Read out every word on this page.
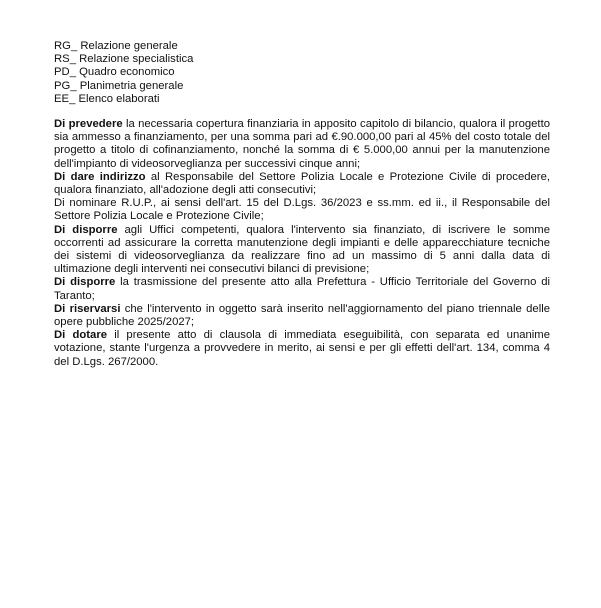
RG_ Relazione generale
RS_ Relazione specialistica
PD_ Quadro economico
PG_ Planimetria generale
EE_ Elenco elaborati

Di prevedere la necessaria copertura finanziaria in apposito capitolo di bilancio, qualora il progetto sia ammesso a finanziamento, per una somma pari ad €.90.000,00 pari al 45% del costo totale del progetto a titolo di cofinanziamento, nonché la somma di € 5.000,00 annui per la manutenzione dell'impianto di videosorveglianza per successivi cinque anni;

Di dare indirizzo al Responsabile del Settore Polizia Locale e Protezione Civile di procedere, qualora finanziato, all'adozione degli atti consecutivi;

Di nominare R.U.P., ai sensi dell'art. 15 del D.Lgs. 36/2023 e ss.mm. ed ii., il Responsabile del Settore Polizia Locale e Protezione Civile;

Di disporre agli Uffici competenti, qualora l'intervento sia finanziato, di iscrivere le somme occorrenti ad assicurare la corretta manutenzione degli impianti e delle apparecchiature tecniche dei sistemi di videosorveglianza da realizzare fino ad un massimo di 5 anni dalla data di ultimazione degli interventi nei consecutivi bilanci di previsione;

Di disporre la trasmissione del presente atto alla Prefettura - Ufficio Territoriale del Governo di Taranto;

Di riservarsi che l'intervento in oggetto sarà inserito nell'aggiornamento del piano triennale delle opere pubbliche 2025/2027;

Di dotare il presente atto di clausola di immediata eseguibilità, con separata ed unanime votazione, stante l'urgenza a provvedere in merito, ai sensi e per gli effetti dell'art. 134, comma 4 del D.Lgs. 267/2000.
